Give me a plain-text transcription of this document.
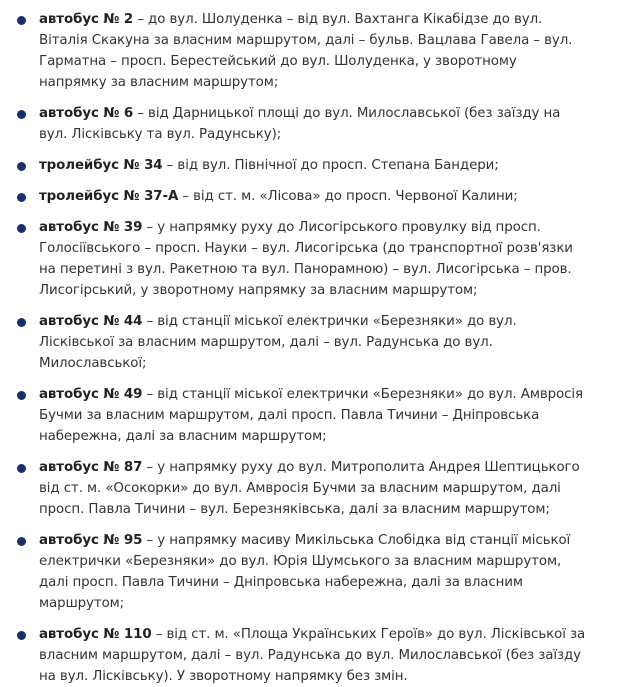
автобус № 2 – до вул. Шолуденка – від вул. Вахтанга Кікабідзе до вул. Віталія Скакуна за власним маршрутом, далі – бульв. Вацлава Гавела – вул. Гарматна – просп. Берестейський до вул. Шолуденка, у зворотному напрямку за власним маршрутом;
автобус № 6 – від Дарницької площі до вул. Милославської (без заїзду на вул. Лісківську та вул. Радунську);
тролейбус № 34 – від вул. Північної до просп. Степана Бандери;
тролейбус № 37-А – від ст. м. «Лісова» до просп. Червоної Калини;
автобус № 39 – у напрямку руху до Лисогірського провулку від просп. Голосіївського – просп. Науки – вул. Лисогірська (до транспортної розв'язки на перетині з вул. Ракетною та вул. Панорамною) – вул. Лисогірська – пров. Лисогірський, у зворотному напрямку за власним маршрутом;
автобус № 44 – від станції міської електрички «Березняки» до вул. Лісківської за власним маршрутом, далі – вул. Радунська до вул. Милославської;
автобус № 49 – від станції міської електрички «Березняки» до вул. Амвросія Бучми за власним маршрутом, далі просп. Павла Тичини – Дніпровська набережна, далі за власним маршрутом;
автобус № 87 – у напрямку руху до вул. Митрополита Андрея Шептицького від ст. м. «Осокорки» до вул. Амвросія Бучми за власним маршрутом, далі просп. Павла Тичини – вул. Березняківська, далі за власним маршрутом;
автобус № 95 – у напрямку масиву Микільська Слобідка від станції міської електрички «Березняки» до вул. Юрія Шумського за власним маршрутом, далі просп. Павла Тичини – Дніпровська набережна, далі за власним маршрутом;
автобус № 110 – від ст. м. «Площа Українських Героїв» до вул. Лісківської за власним маршрутом, далі – вул. Радунська до вул. Милославської (без заїзду на вул. Лісківську). У зворотному напрямку без змін.
